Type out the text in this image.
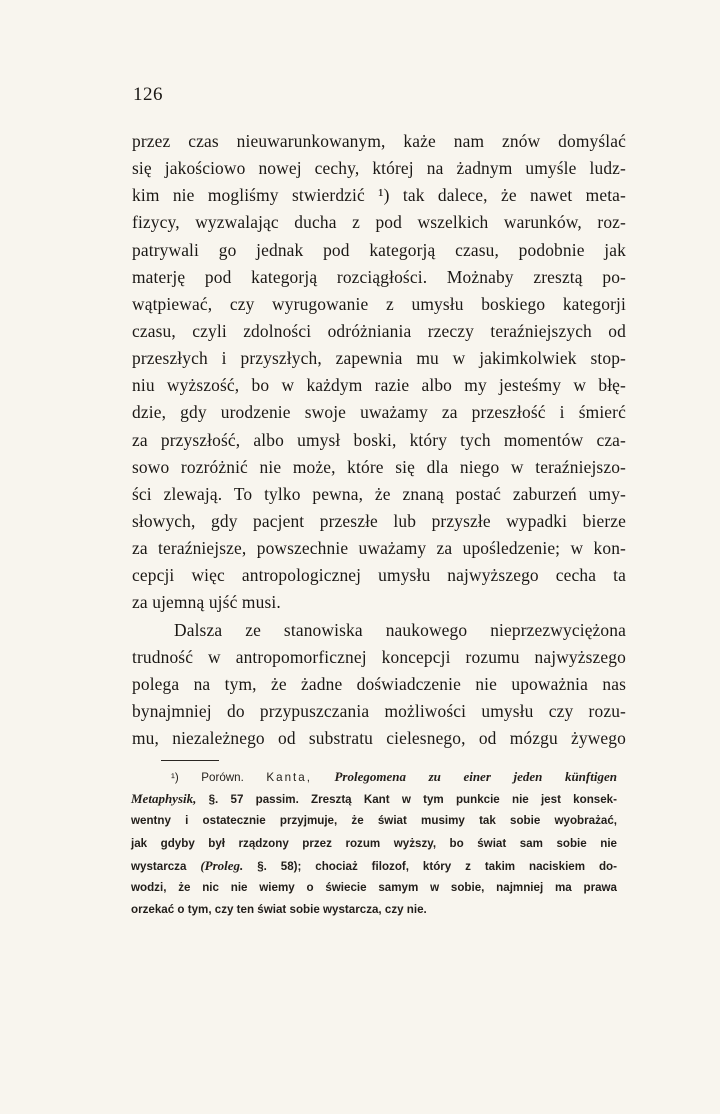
126
przez czas nieuwarunkowanym, każe nam znów domyślać
się jakościowo nowej cechy, której na żadnym umyśle ludz-
kim nie mogliśmy stwierdzić ¹) tak dalece, że nawet meta-
fizycy, wyzwalając ducha z pod wszelkich warunków, roz-
patrywali go jednak pod kategorją czasu, podobnie jak
materję pod kategorją rozciągłości. Możnaby zresztą po-
wątpiewać, czy wyrugowanie z umysłu boskiego kategorji
czasu, czyli zdolności odróżniania rzeczy teraźniejszych od
przeszłych i przyszłych, zapewnia mu w jakimkolwiek stop-
niu wyższość, bo w każdym razie albo my jesteśmy w błę-
dzie, gdy urodzenie swoje uważamy za przeszłość i śmierć
za przyszłość, albo umysł boski, który tych momentów cza-
sowo rozróżnić nie może, które się dla niego w teraźniejszo-
ści zlewają. To tylko pewna, że znaną postać zaburzeń umy-
słowych, gdy pacjent przeszłe lub przyszłe wypadki bierze
za teraźniejsze, powszechnie uważamy za upośledzenie; w kon-
cepcji więc antropologicznej umysłu najwyższego cecha ta
za ujemną ujść musi.
Dalsza ze stanowiska naukowego nieprzezwyciężona
trudność w antropomorficznej koncepcji rozumu najwyższego
polega na tym, że żadne doświadczenie nie upoważnia nas
bynajmniej do przypuszczania możliwości umysłu czy rozu-
mu, niezależnego od substratu cielesnego, od mózgu żywego
¹) Porówn. Kanta, Prolegomena zu einer jeden künftigen
Metaphysik, §. 57 passim. Zresztą Kant w tym punkcie nie jest konsek-
wentny i ostatecznie przyjmuje, że świat musimy tak sobie wyobrażać,
jak gdyby był rządzony przez rozum wyższy, bo świat sam sobie nie
wystarcza (Proleg. §. 58); chociaż filozof, który z takim naciskiem do-
wodzi, że nic nie wiemy o świecie samym w sobie, najmniej ma prawa
orzekać o tym, czy ten świat sobie wystarcza, czy nie.
